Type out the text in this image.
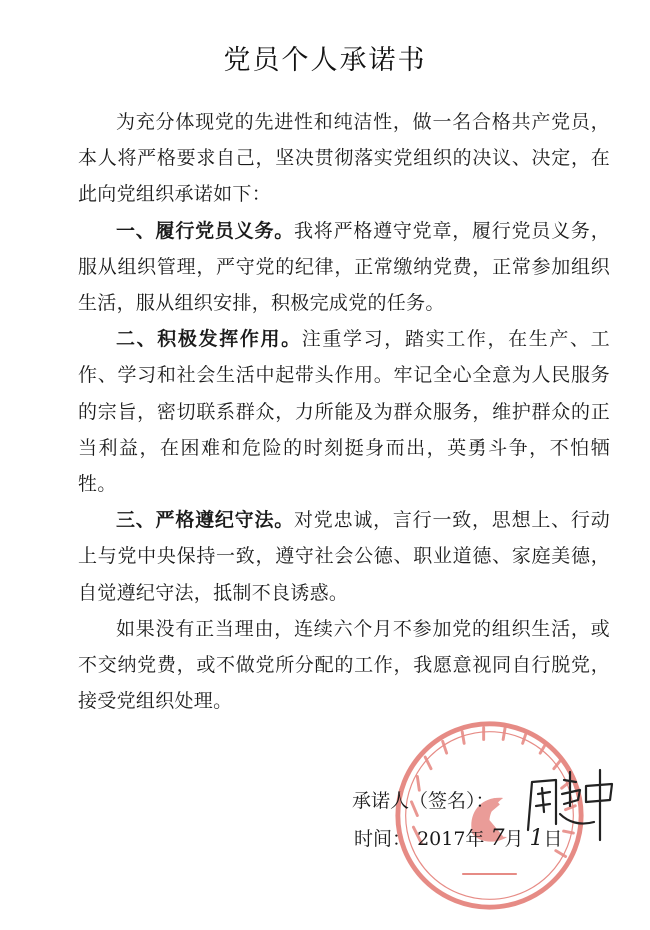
党员个人承诺书

为充分体现党的先进性和纯洁性，做一名合格共产党员，本人将严格要求自己，坚决贯彻落实党组织的决议、决定，在此向党组织承诺如下：

一、履行党员义务。我将严格遵守党章，履行党员义务，服从组织管理，严守党的纪律，正常缴纳党费，正常参加组织生活，服从组织安排，积极完成党的任务。

二、积极发挥作用。注重学习，踏实工作，在生产、工作、学习和社会生活中起带头作用。牢记全心全意为人民服务的宗旨，密切联系群众，力所能及为群众服务，维护群众的正当利益，在困难和危险的时刻挺身而出，英勇斗争，不怕牺牲。

三、严格遵纪守法。对党忠诚，言行一致，思想上、行动上与党中央保持一致，遵守社会公德、职业道德、家庭美德，自觉遵纪守法，抵制不良诱惑。

如果没有正当理由，连续六个月不参加党的组织生活，或不交纳党费，或不做党所分配的工作，我愿意视同自行脱党，接受党组织处理。

承诺人（签名）：
时间： 2017年 7月 1日
